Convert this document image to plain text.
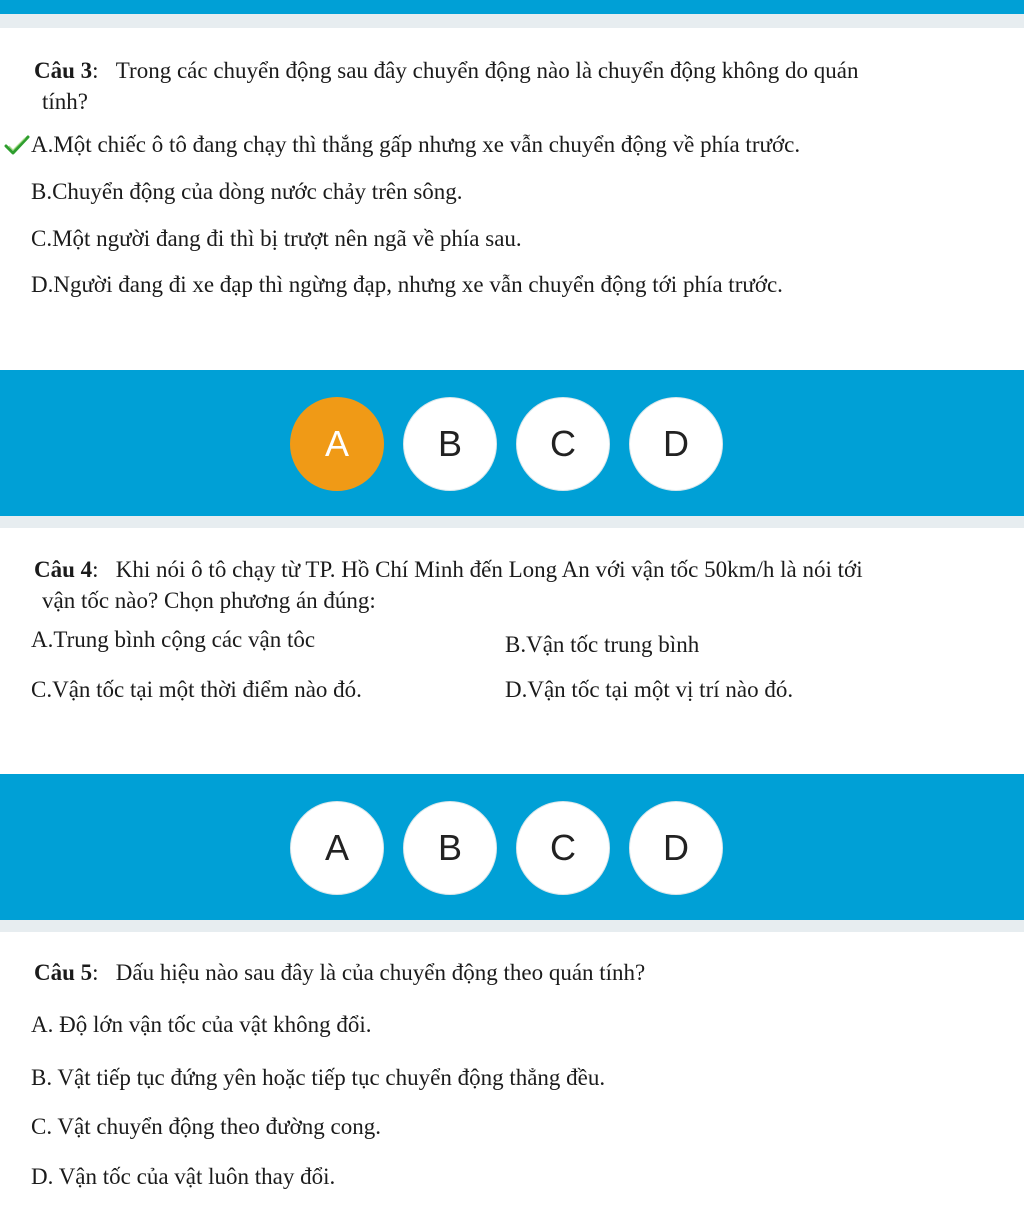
Câu 3: Trong các chuyển động sau đây chuyển động nào là chuyển động không do quán
tính?
A.Một chiếc ô tô đang chạy thì thắng gấp nhưng xe vẫn chuyển động về phía trước.
B.Chuyển động của dòng nước chảy trên sông.
C.Một người đang đi thì bị trượt nên ngã về phía sau.
D.Người đang đi xe đạp thì ngừng đạp, nhưng xe vẫn chuyển động tới phía trước.
A	B	C	D
Câu 4: Khi nói ô tô chạy từ TP. Hồ Chí Minh đến Long An với vận tốc 50km/h là nói tới
vận tốc nào? Chọn phương án đúng:
A.Trung bình cộng các vận tôc	B.Vận tốc trung bình
C.Vận tốc tại một thời điểm nào đó.	D.Vận tốc tại một vị trí nào đó.
A	B	C	D
Câu 5: Dấu hiệu nào sau đây là của chuyển động theo quán tính?
A. Độ lớn vận tốc của vật không đổi.
B. Vật tiếp tục đứng yên hoặc tiếp tục chuyển động thẳng đều.
C. Vật chuyển động theo đường cong.
D. Vận tốc của vật luôn thay đổi.
